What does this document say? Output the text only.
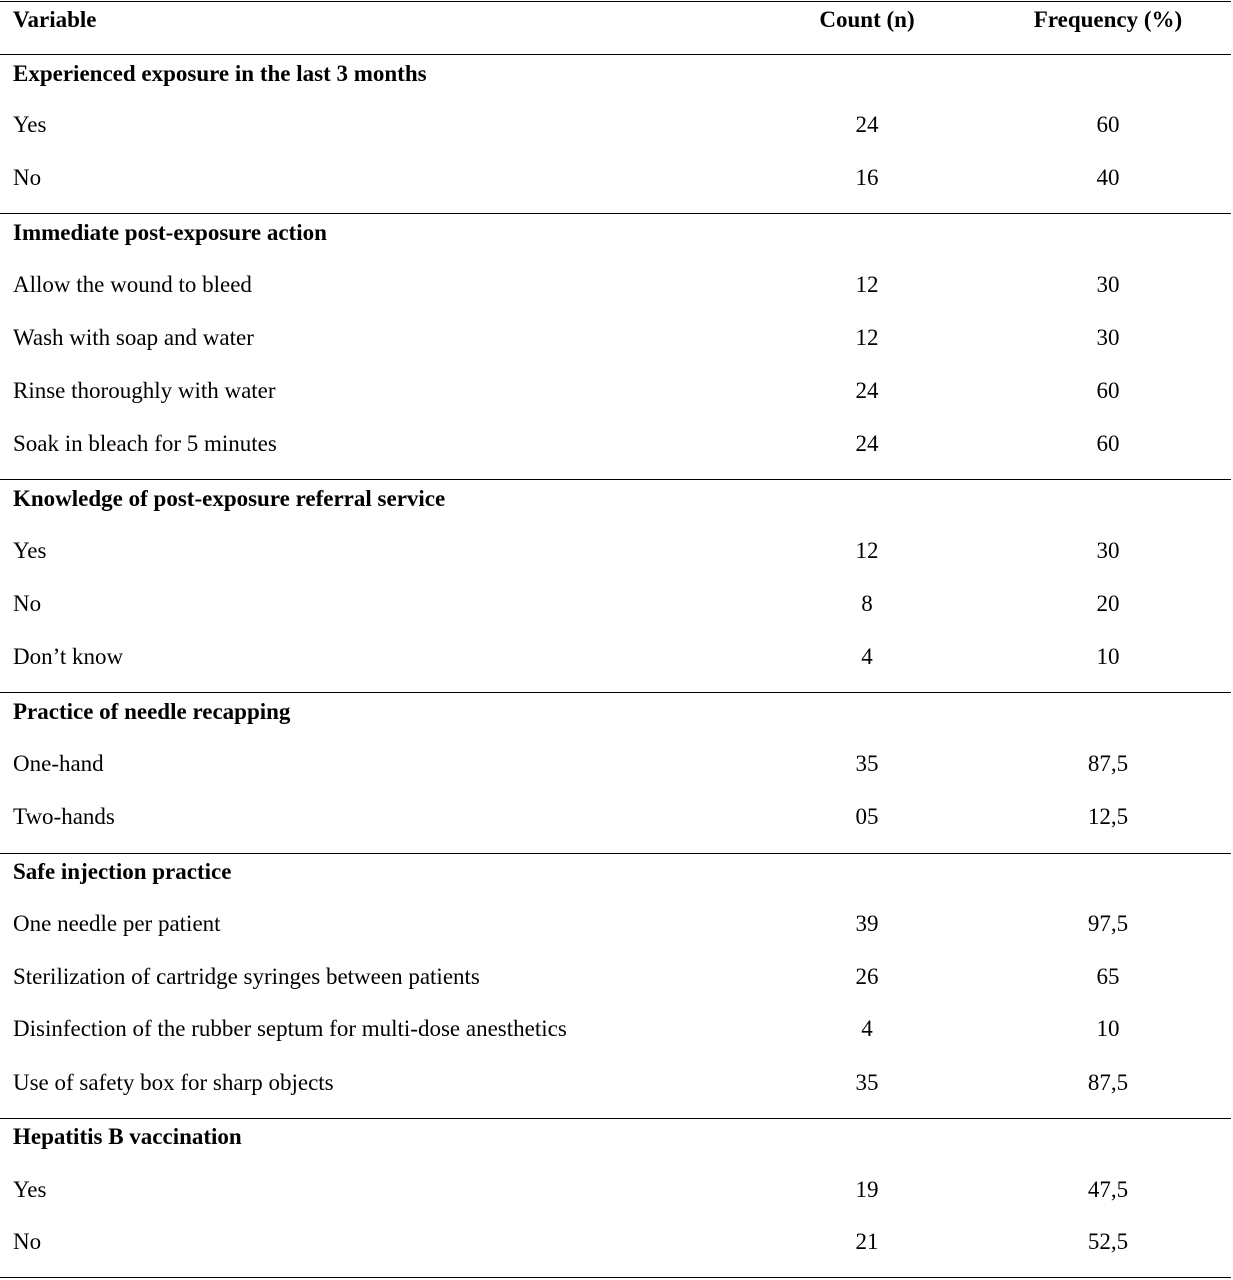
Variable	Count (n)	Frequency (%)
Experienced exposure in the last 3 months
Yes	24	60
No	16	40
Immediate post-exposure action
Allow the wound to bleed	12	30
Wash with soap and water	12	30
Rinse thoroughly with water	24	60
Soak in bleach for 5 minutes	24	60
Knowledge of post-exposure referral service
Yes	12	30
No	8	20
Don’t know	4	10
Practice of needle recapping
One-hand	35	87,5
Two-hands	05	12,5
Safe injection practice
One needle per patient	39	97,5
Sterilization of cartridge syringes between patients	26	65
Disinfection of the rubber septum for multi-dose anesthetics	4	10
Use of safety box for sharp objects	35	87,5
Hepatitis B vaccination
Yes	19	47,5
No	21	52,5
